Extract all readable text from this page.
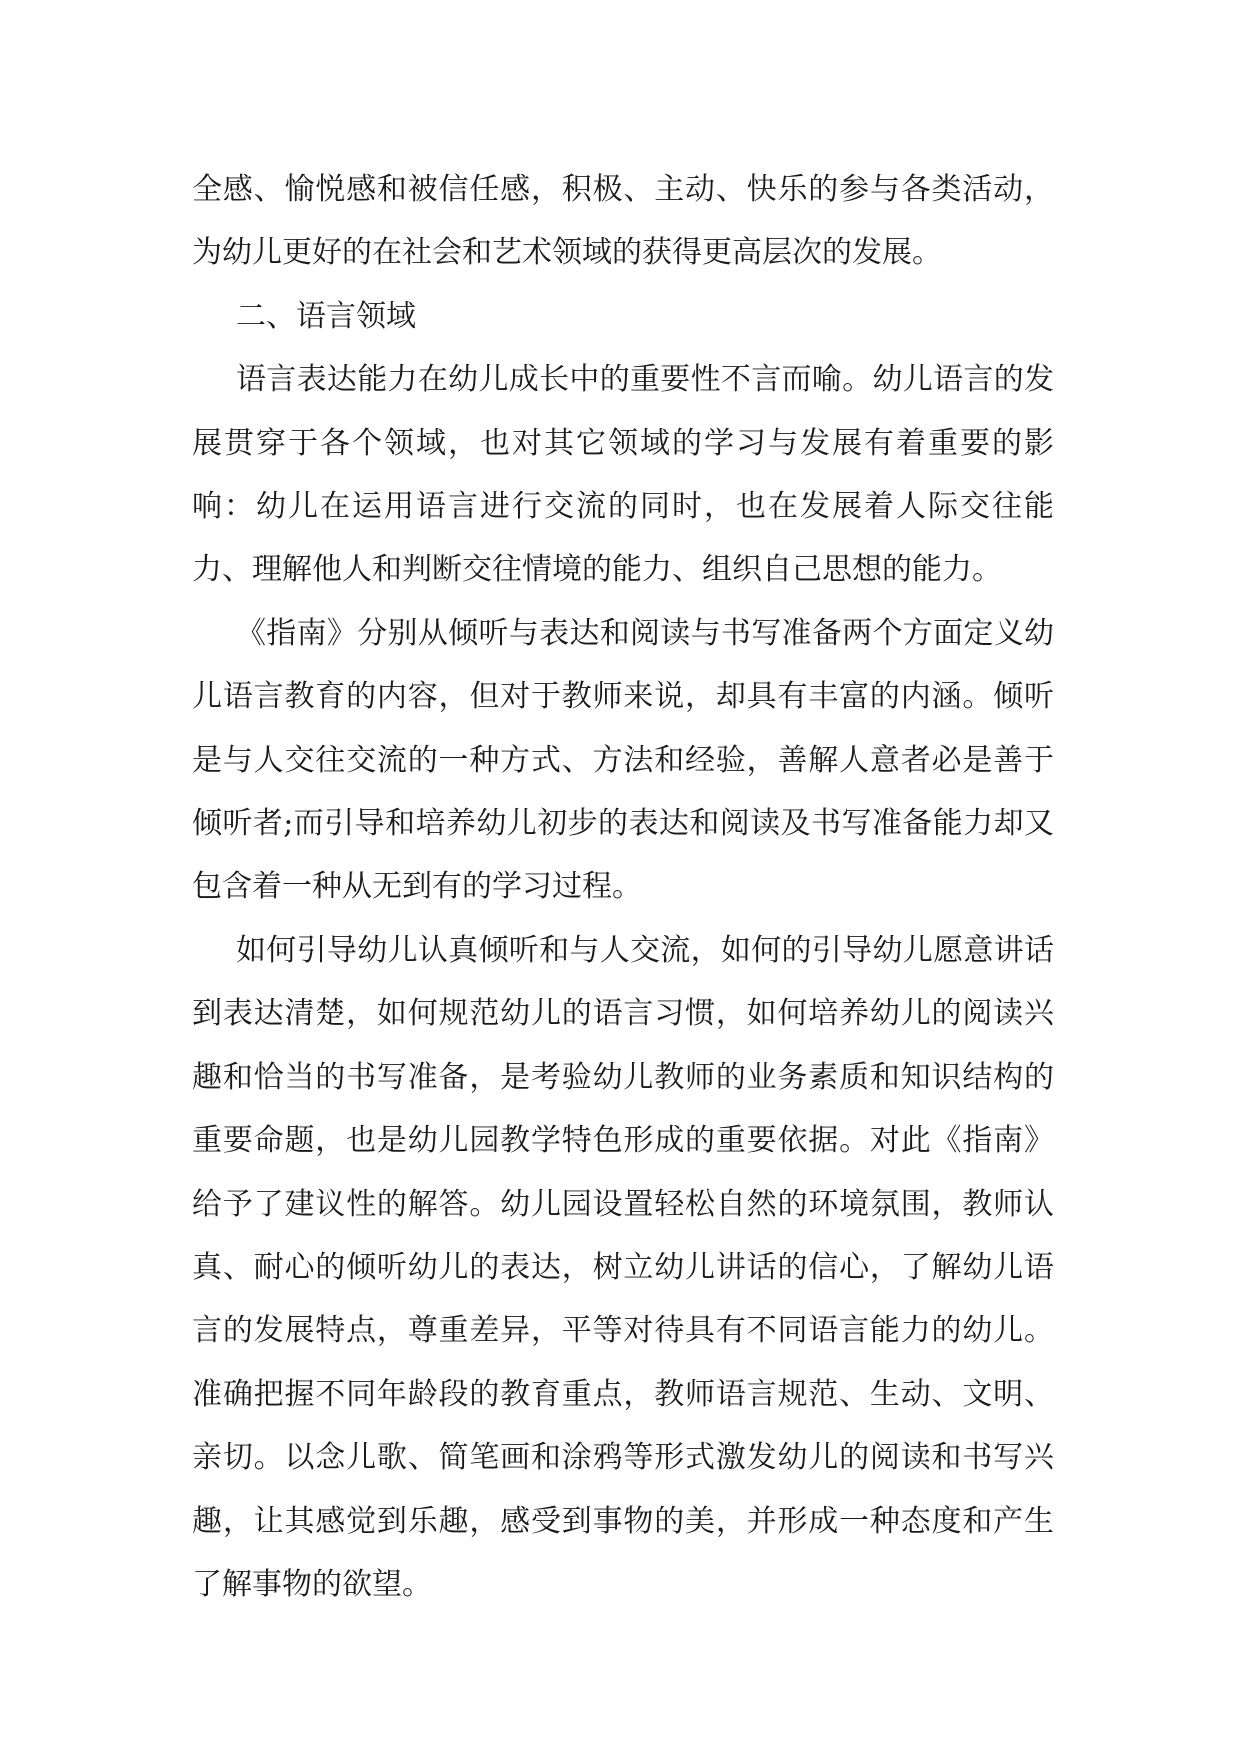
全感、愉悦感和被信任感，积极、主动、快乐的参与各类活动，为幼儿更好的在社会和艺术领域的获得更高层次的发展。

二、语言领域

语言表达能力在幼儿成长中的重要性不言而喻。幼儿语言的发展贯穿于各个领域，也对其它领域的学习与发展有着重要的影响：幼儿在运用语言进行交流的同时，也在发展着人际交往能力、理解他人和判断交往情境的能力、组织自己思想的能力。

《指南》分别从倾听与表达和阅读与书写准备两个方面定义幼儿语言教育的内容，但对于教师来说，却具有丰富的内涵。倾听是与人交往交流的一种方式、方法和经验，善解人意者必是善于倾听者;而引导和培养幼儿初步的表达和阅读及书写准备能力却又包含着一种从无到有的学习过程。

如何引导幼儿认真倾听和与人交流，如何的引导幼儿愿意讲话到表达清楚，如何规范幼儿的语言习惯，如何培养幼儿的阅读兴趣和恰当的书写准备，是考验幼儿教师的业务素质和知识结构的重要命题，也是幼儿园教学特色形成的重要依据。对此《指南》给予了建议性的解答。幼儿园设置轻松自然的环境氛围，教师认真、耐心的倾听幼儿的表达，树立幼儿讲话的信心，了解幼儿语言的发展特点，尊重差异，平等对待具有不同语言能力的幼儿。准确把握不同年龄段的教育重点，教师语言规范、生动、文明、亲切。以念儿歌、简笔画和涂鸦等形式激发幼儿的阅读和书写兴趣，让其感觉到乐趣，感受到事物的美，并形成一种态度和产生了解事物的欲望。
